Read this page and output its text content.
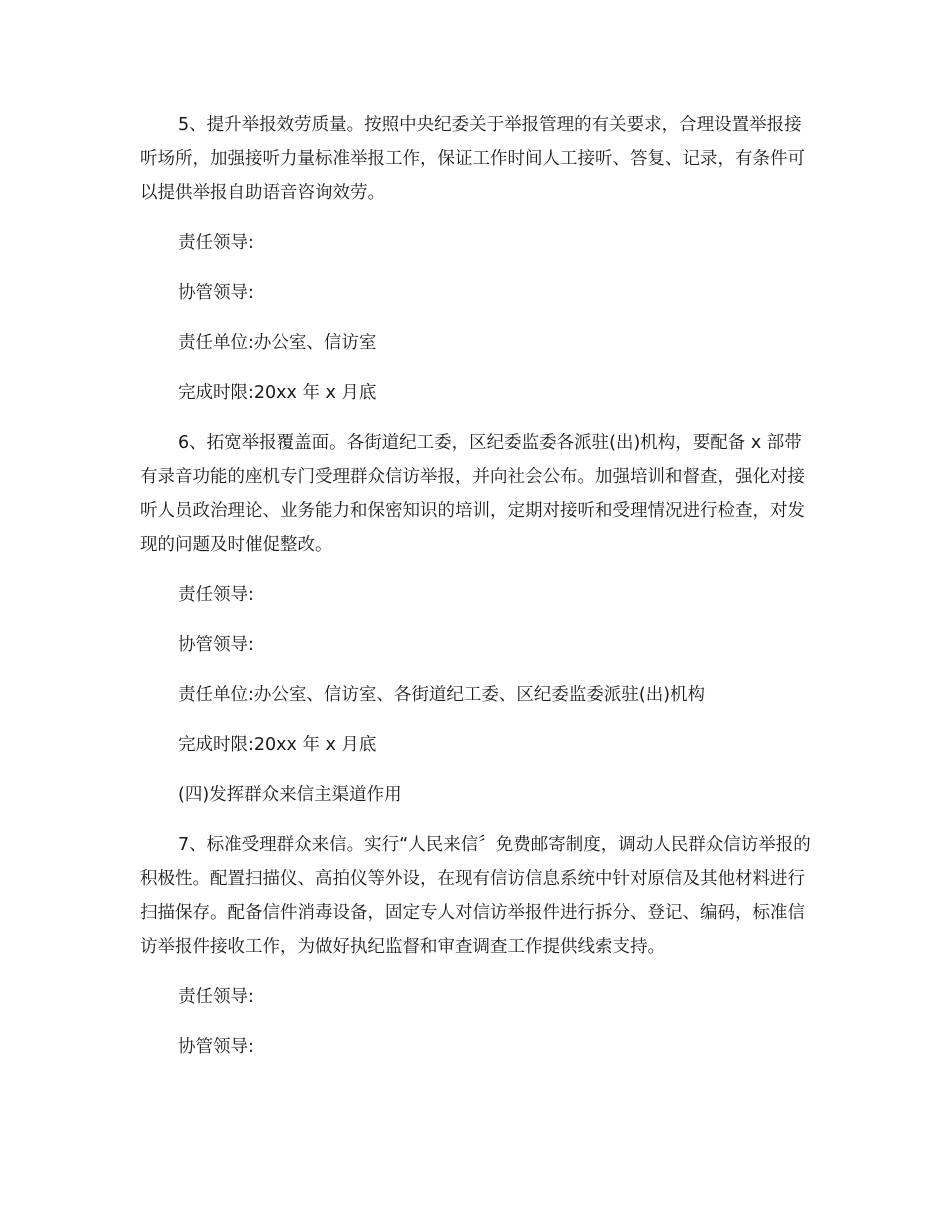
5、提升举报效劳质量。按照中央纪委关于举报管理的有关要求，合理设置举报接听场所，加强接听力量标准举报工作，保证工作时间人工接听、答复、记录，有条件可以提供举报自助语音咨询效劳。

责任领导:

协管领导:

责任单位:办公室、信访室

完成时限:20xx 年 x 月底

6、拓宽举报覆盖面。各街道纪工委，区纪委监委各派驻(出)机构，要配备 x 部带有录音功能的座机专门受理群众信访举报，并向社会公布。加强培训和督查，强化对接听人员政治理论、业务能力和保密知识的培训，定期对接听和受理情况进行检查，对发现的问题及时催促整改。

责任领导:

协管领导:

责任单位:办公室、信访室、各街道纪工委、区纪委监委派驻(出)机构

完成时限:20xx 年 x 月底

(四)发挥群众来信主渠道作用

7、标准受理群众来信。实行“人民来信〞免费邮寄制度，调动人民群众信访举报的积极性。配置扫描仪、高拍仪等外设，在现有信访信息系统中针对原信及其他材料进行扫描保存。配备信件消毒设备，固定专人对信访举报件进行拆分、登记、编码，标准信访举报件接收工作，为做好执纪监督和审查调查工作提供线索支持。

责任领导:

协管领导:
